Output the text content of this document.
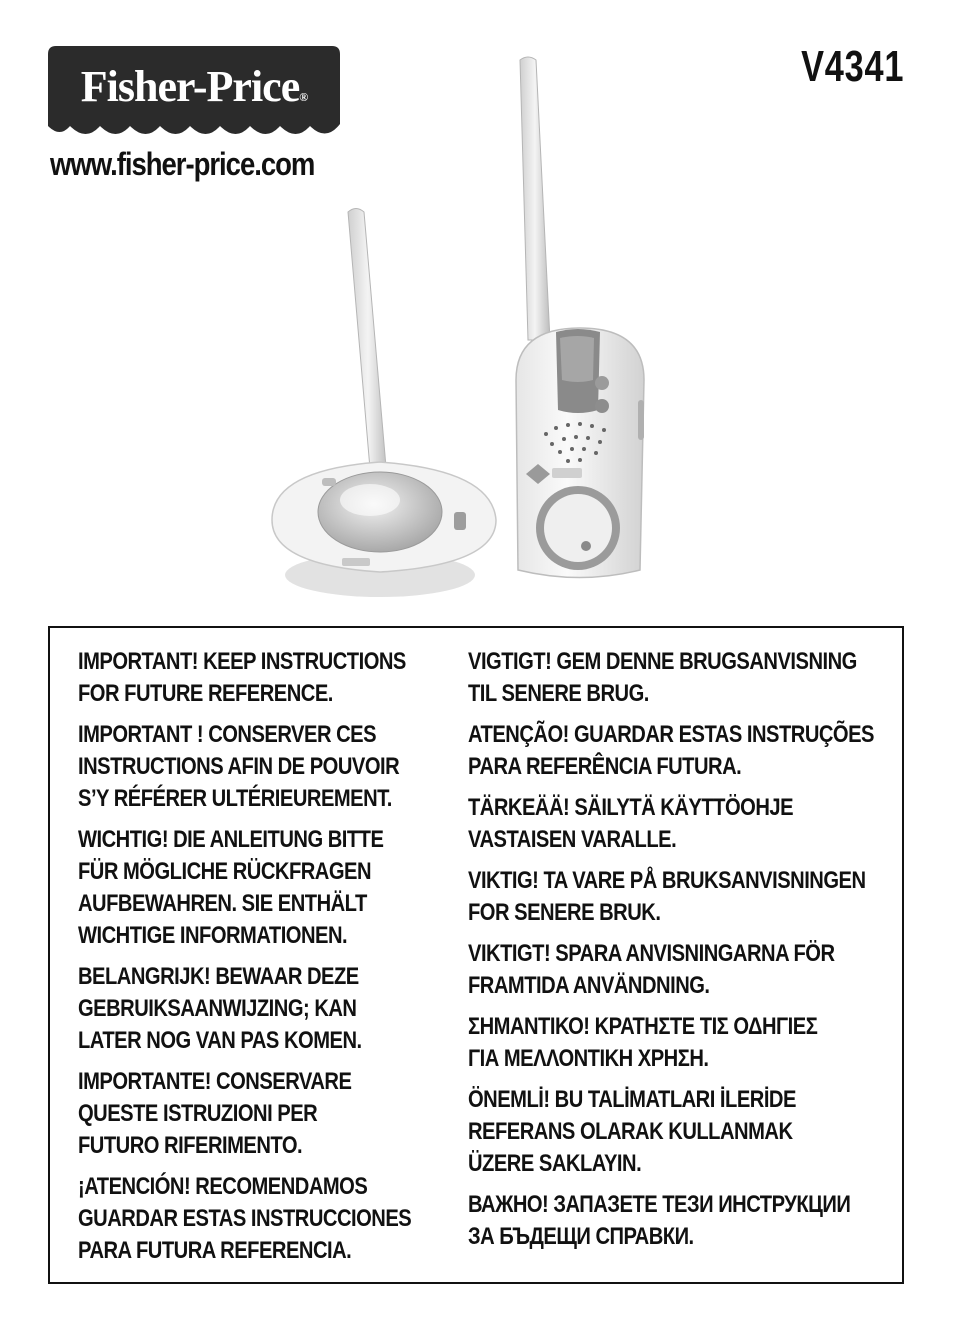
Fisher-Price®
www.fisher-price.com
V4341

IMPORTANT! KEEP INSTRUCTIONS
FOR FUTURE REFERENCE.

IMPORTANT ! CONSERVER CES
INSTRUCTIONS AFIN DE POUVOIR
S’Y RÉFÉRER ULTÉRIEUREMENT.

WICHTIG! DIE ANLEITUNG BITTE
FÜR MÖGLICHE RÜCKFRAGEN
AUFBEWAHREN. SIE ENTHÄLT
WICHTIGE INFORMATIONEN.

BELANGRIJK! BEWAAR DEZE
GEBRUIKSAANWIJZING; KAN
LATER NOG VAN PAS KOMEN.

IMPORTANTE! CONSERVARE
QUESTE ISTRUZIONI PER
FUTURO RIFERIMENTO.

¡ATENCIÓN! RECOMENDAMOS
GUARDAR ESTAS INSTRUCCIONES
PARA FUTURA REFERENCIA.

VIGTIGT! GEM DENNE BRUGSANVISNING
TIL SENERE BRUG.

ATENÇÃO! GUARDAR ESTAS INSTRUÇÕES
PARA REFERÊNCIA FUTURA.

TÄRKEÄÄ! SÄILYTÄ KÄYTTÖOHJE
VASTAISEN VARALLE.

VIKTIG! TA VARE PÅ BRUKSANVISNINGEN
FOR SENERE BRUK.

VIKTIGT! SPARA ANVISNINGARNA FÖR
FRAMTIDA ANVÄNDNING.

ΣΗΜΑΝΤΙΚΟ! ΚΡΑΤΗΣΤΕ ΤΙΣ ΟΔΗΓΙΕΣ
ΓΙΑ ΜΕΛΛΟΝΤΙΚΗ ΧΡΗΣΗ.

ÖNEMLİ! BU TALİMATLARI İLERİDE
REFERANS OLARAK KULLANMAK
ÜZERE SAKLAYIN.

ВАЖНО! ЗАПАЗЕТЕ ТЕЗИ ИНСТРУКЦИИ
ЗА БЪДЕЩИ СПРАВКИ.
